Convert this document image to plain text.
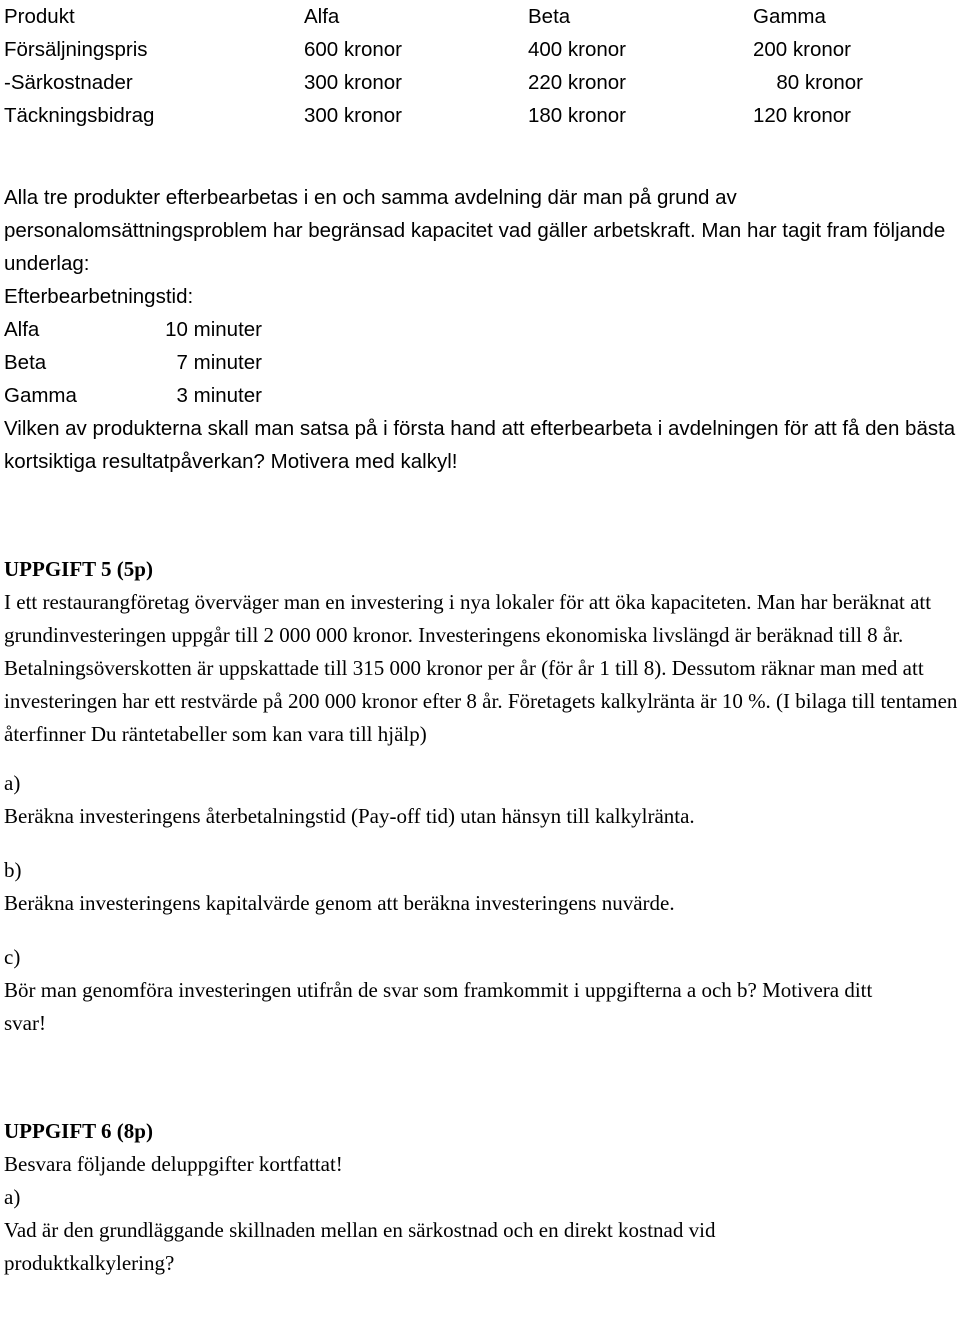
Produkt	Alfa	Beta	Gamma
Försäljningspris	600 kronor	400 kronor	200 kronor
-Särkostnader	300 kronor	220 kronor	80 kronor
Täckningsbidrag	300 kronor	180 kronor	120 kronor

Alla tre produkter efterbearbetas i en och samma avdelning där man på grund av personalomsättningsproblem har begränsad kapacitet vad gäller arbetskraft. Man har tagit fram följande underlag:

Efterbearbetningstid:

Alfa	10 minuter
Beta	7 minuter
Gamma	3 minuter

Vilken av produkterna skall man satsa på i första hand att efterbearbeta i avdelningen för att få den bästa kortsiktiga resultatpåverkan? Motivera med kalkyl!

UPPGIFT 5 (5p)

I ett restaurangföretag överväger man en investering i nya lokaler för att öka kapaciteten. Man har beräknat att grundinvesteringen uppgår till 2 000 000 kronor. Investeringens ekonomiska livslängd är beräknad till 8 år. Betalningsöverskotten är uppskattade till 315 000 kronor per år (för år 1 till 8). Dessutom räknar man med att investeringen har ett restvärde på 200 000 kronor efter 8 år. Företagets kalkylränta är 10 %. (I bilaga till tentamen återfinner Du räntetabeller som kan vara till hjälp)

a)

Beräkna investeringens återbetalningstid (Pay-off tid) utan hänsyn till kalkylränta.

b)

Beräkna investeringens kapitalvärde genom att beräkna investeringens nuvärde.

c)

Bör man genomföra investeringen utifrån de svar som framkommit i uppgifterna a och b? Motivera ditt svar!

UPPGIFT 6 (8p)

Besvara följande deluppgifter kortfattat!

a)

Vad är den grundläggande skillnaden mellan en särkostnad och en direkt kostnad vid produktkalkylering?
